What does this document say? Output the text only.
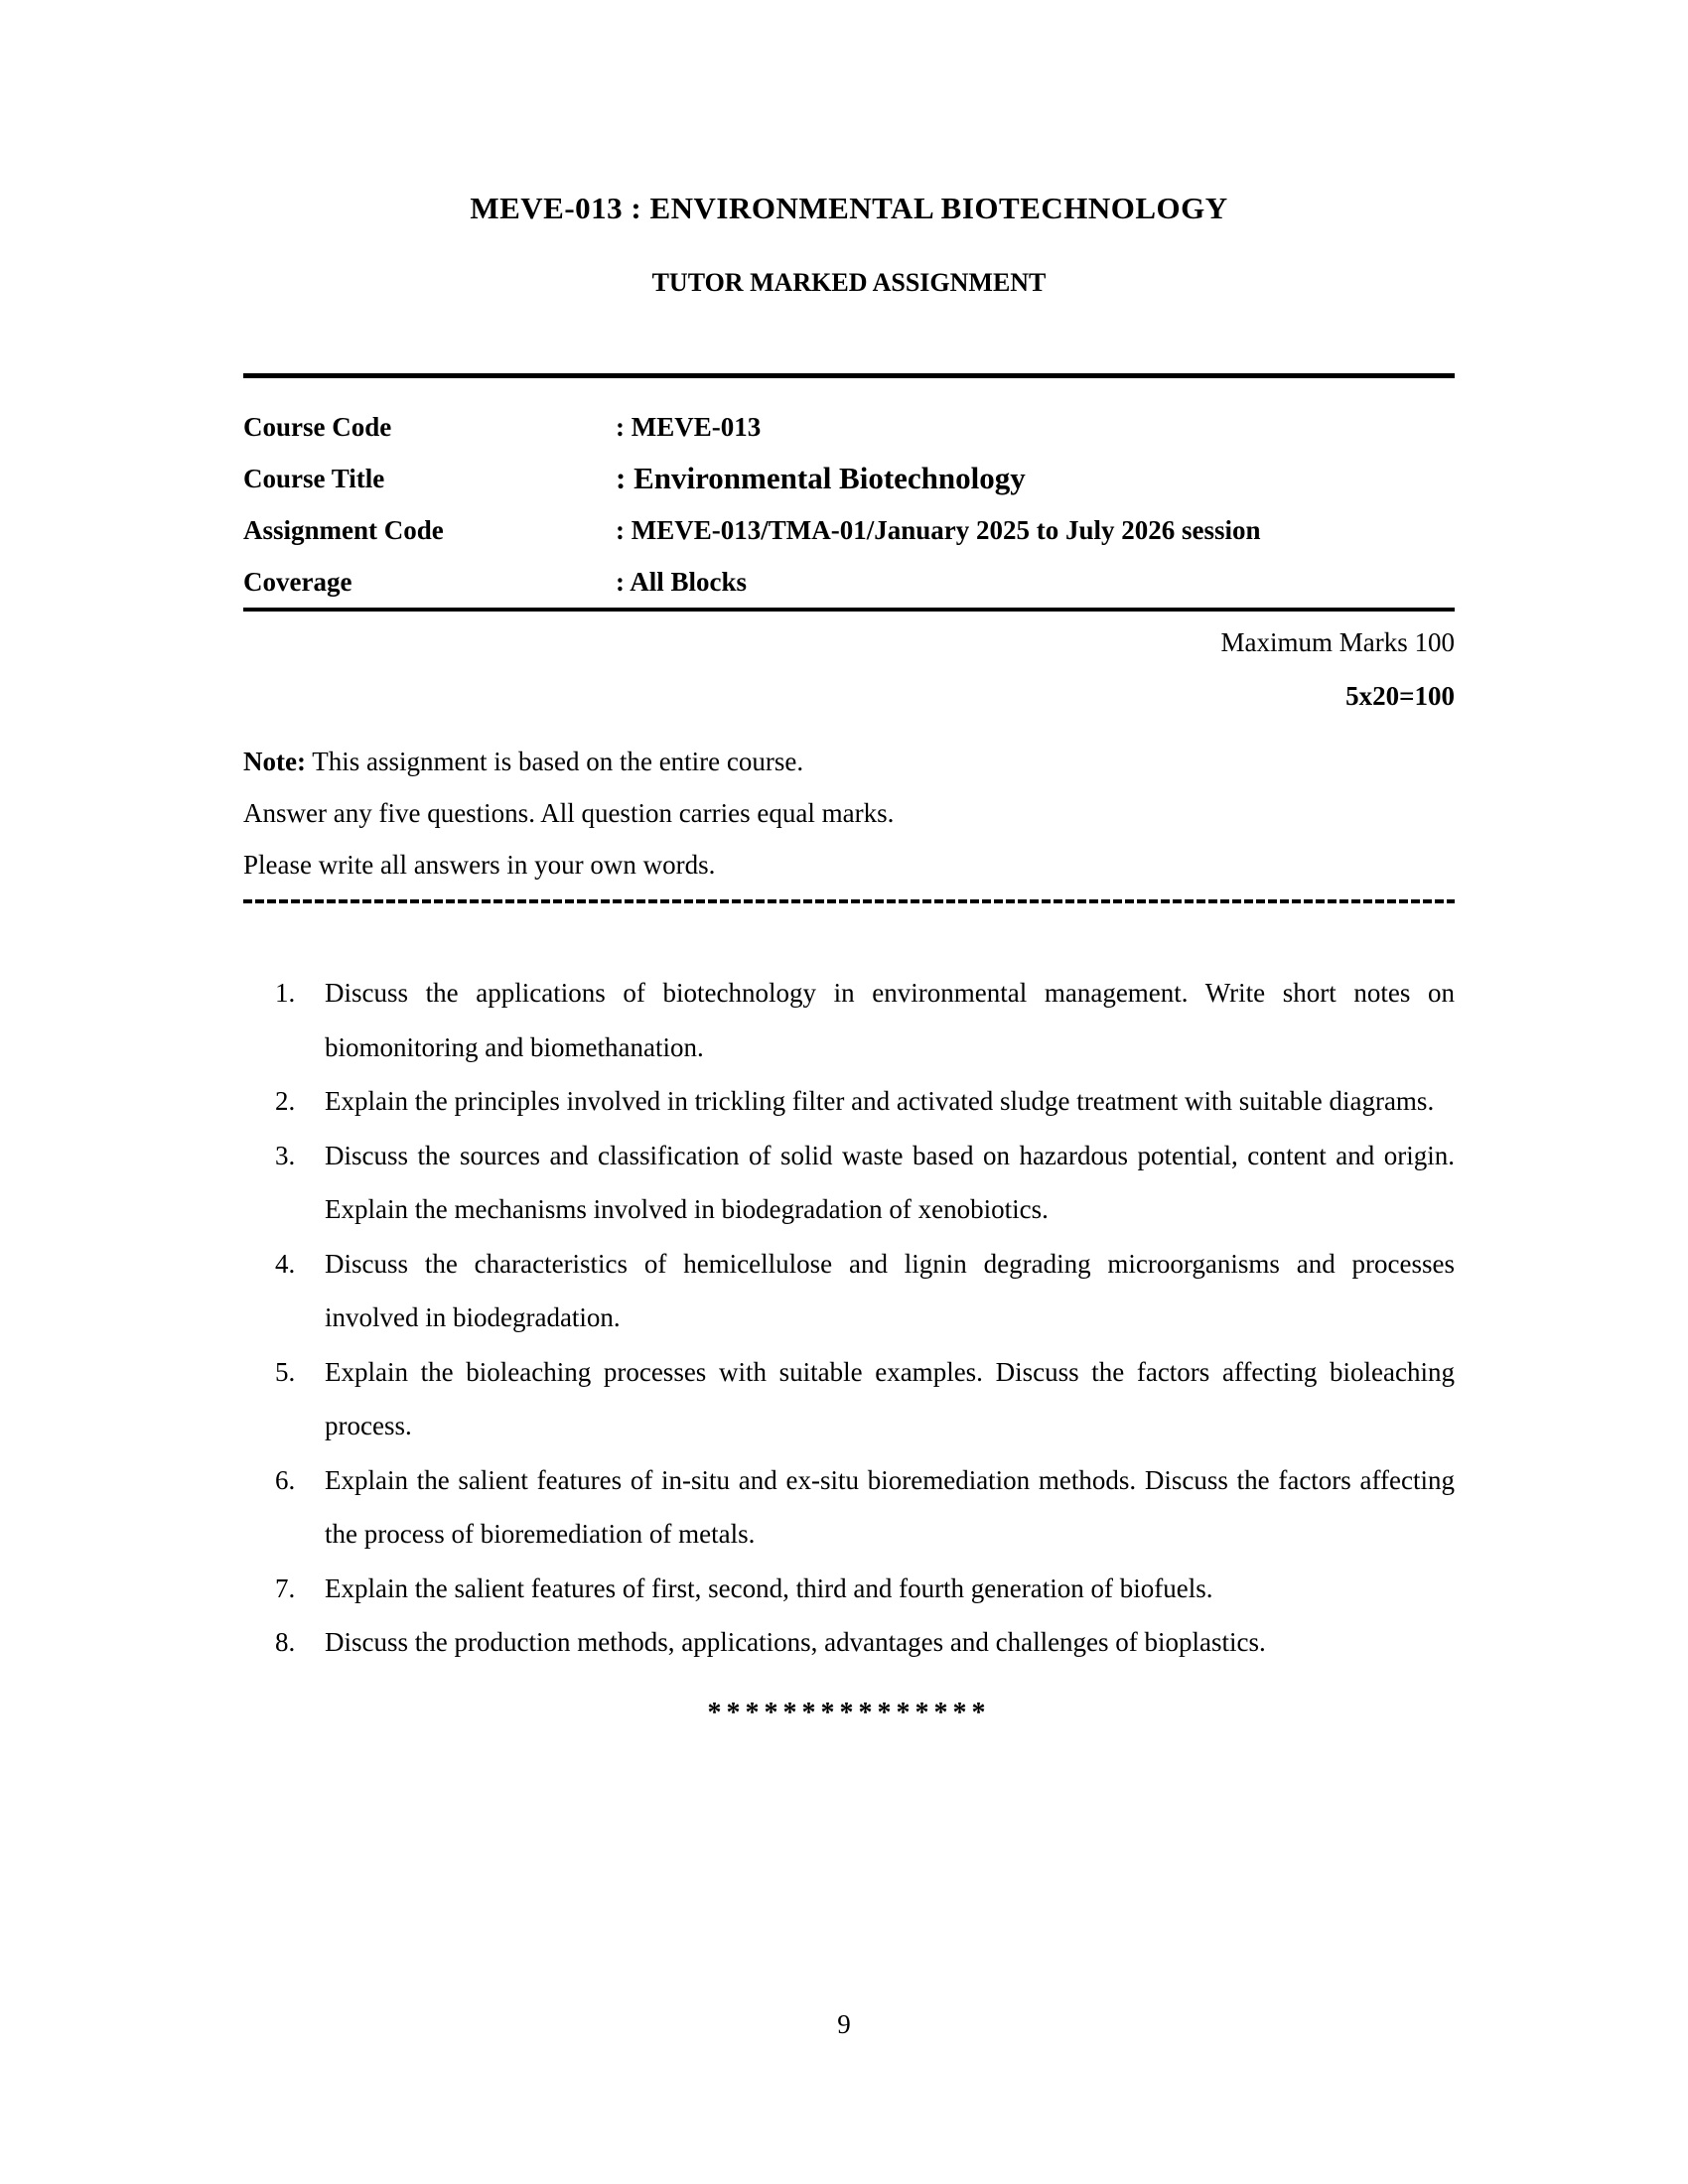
MEVE-013 : ENVIRONMENTAL BIOTECHNOLOGY
TUTOR MARKED ASSIGNMENT
Course Code	: MEVE-013
Course Title	: Environmental Biotechnology
Assignment Code	: MEVE-013/TMA-01/January 2025 to July 2026 session
Coverage	: All Blocks
Maximum Marks 100
5x20=100

Note: This assignment is based on the entire course.

Answer any five questions. All question carries equal marks.

Please write all answers in your own words.

1. Discuss the applications of biotechnology in environmental management. Write short notes on biomonitoring and biomethanation.
2. Explain the principles involved in trickling filter and activated sludge treatment with suitable diagrams.
3. Discuss the sources and classification of solid waste based on hazardous potential, content and origin. Explain the mechanisms involved in biodegradation of xenobiotics.
4. Discuss the characteristics of hemicellulose and lignin degrading microorganisms and processes involved in biodegradation.
5. Explain the bioleaching processes with suitable examples. Discuss the factors affecting bioleaching process.
6. Explain the salient features of in-situ and ex-situ bioremediation methods. Discuss the factors affecting the process of bioremediation of metals.
7. Explain the salient features of first, second, third and fourth generation of biofuels.
8. Discuss the production methods, applications, advantages and challenges of bioplastics.
***************
9
